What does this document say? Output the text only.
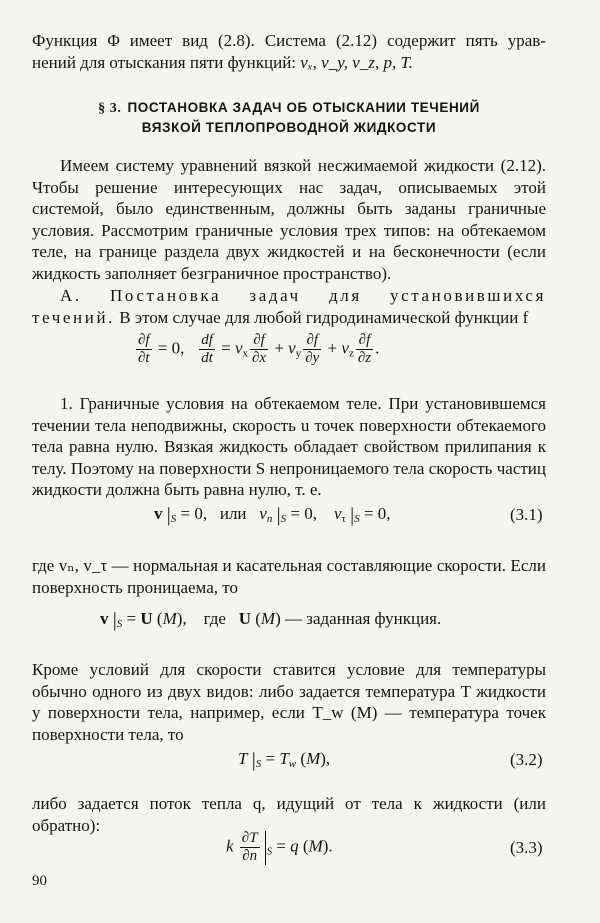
Функция Φ имеет вид (2.8). Система (2.12) содержит пять урав-

нений для отыскания пяти функций: vₓ, v_y, v_z, p, T.

§ 3. ПОСТАНОВКА ЗАДАЧ ОБ ОТЫСКАНИИ ТЕЧЕНИЙ
ВЯЗКОЙ ТЕПЛОПРОВОДНОЙ ЖИДКОСТИ

Имеем систему уравнений вязкой несжимаемой жидкости (2.12). Чтобы решение интересующих нас задач, описываемых этой системой, было единственным, должны быть заданы граничные условия. Рассмотрим граничные условия трех типов: на обтекаемом теле, на границе раздела двух жидкостей и на бесконечности (если жидкость заполняет безграничное пространство).

А. Постановка задач для установившихся течений. В этом случае для любой гидродинамической функции f

$\frac{\partial f}{\partial t} = 0$, $\frac{df}{dt} = v_x \frac{\partial f}{\partial x} + v_y \frac{\partial f}{\partial y} + v_z \frac{\partial f}{\partial z}$ .

1. Граничные условия на обтекаемом теле. При установившемся течении тела неподвижны, скорость u точек поверхности обтекаемого тела равна нулю. Вязкая жидкость обладает свойством прилипания к телу. Поэтому на поверхности S непроницаемого тела скорость частиц жидкости должна быть равна нулю, т. е.

v $|_S = 0$,   или   $v_n$ $|_S = 0$,    $v_\tau$ $|_S = 0$,	(3.1)

где vₙ, v_τ — нормальная и касательная составляющие скорости. Если поверхность проницаема, то

v $|_S = U$ (M),    где   U (M) — заданная функция.

Кроме условий для скорости ставится условие для температуры обычно одного из двух видов: либо задается температура T жидкости у поверхности тела, например, если T_w (M) — температура точек поверхности тела, то

T $|_S = T_w$ (M),	(3.2)

либо задается поток тепла q, идущий от тела к жидкости (или обратно):

k $\frac{\partial T}{\partial n} _S = q$ (M).	(3.3)
90
